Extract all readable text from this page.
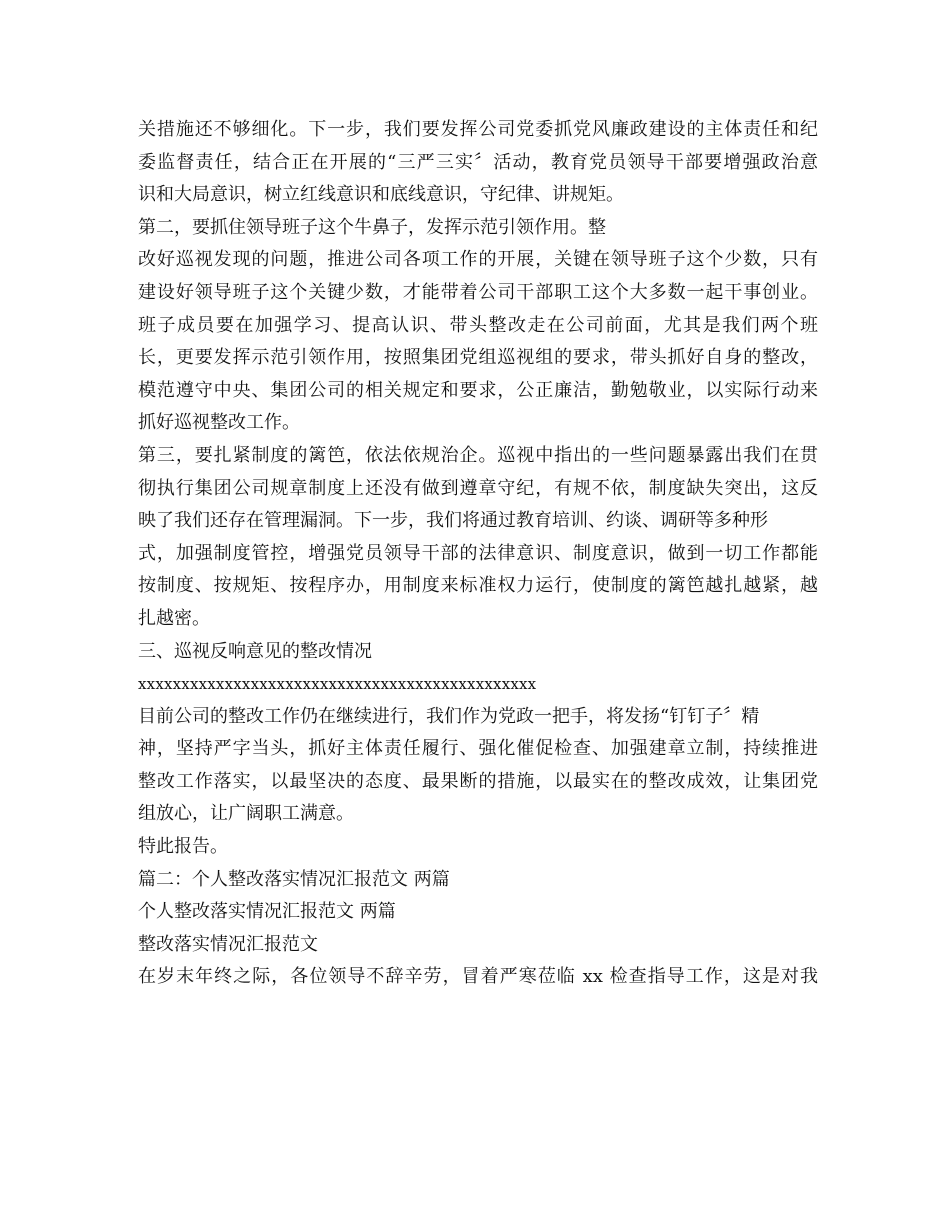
关措施还不够细化。下一步，我们要发挥公司党委抓党风廉政建设的主体责任和纪
委监督责任，结合正在开展的“三严三实〞活动，教育党员领导干部要增强政治意
识和大局意识，树立红线意识和底线意识，守纪律、讲规矩。
第二，要抓住领导班子这个牛鼻子，发挥示范引领作用。整
改好巡视发现的问题，推进公司各项工作的开展，关键在领导班子这个少数，只有
建设好领导班子这个关键少数，才能带着公司干部职工这个大多数一起干事创业。
班子成员要在加强学习、提高认识、带头整改走在公司前面，尤其是我们两个班
长，更要发挥示范引领作用，按照集团党组巡视组的要求，带头抓好自身的整改，
模范遵守中央、集团公司的相关规定和要求，公正廉洁，勤勉敬业，以实际行动来
抓好巡视整改工作。
第三，要扎紧制度的篱笆，依法依规治企。巡视中指出的一些问题暴露出我们在贯
彻执行集团公司规章制度上还没有做到遵章守纪，有规不依，制度缺失突出，这反
映了我们还存在管理漏洞。下一步，我们将通过教育培训、约谈、调研等多种形
式，加强制度管控，增强党员领导干部的法律意识、制度意识，做到一切工作都能
按制度、按规矩、按程序办，用制度来标准权力运行，使制度的篱笆越扎越紧，越
扎越密。
三、巡视反响意见的整改情况
xxxxxxxxxxxxxxxxxxxxxxxxxxxxxxxxxxxxxxxxxxxxxx
目前公司的整改工作仍在继续进行，我们作为党政一把手，将发扬“钉钉子〞精
神，坚持严字当头，抓好主体责任履行、强化催促检查、加强建章立制，持续推进
整改工作落实，以最坚决的态度、最果断的措施，以最实在的整改成效，让集团党
组放心，让广阔职工满意。
特此报告。
篇二：个人整改落实情况汇报范文 两篇
个人整改落实情况汇报范文 两篇
整改落实情况汇报范文
在岁末年终之际，各位领导不辞辛劳，冒着严寒莅临 xx 检查指导工作，这是对我
